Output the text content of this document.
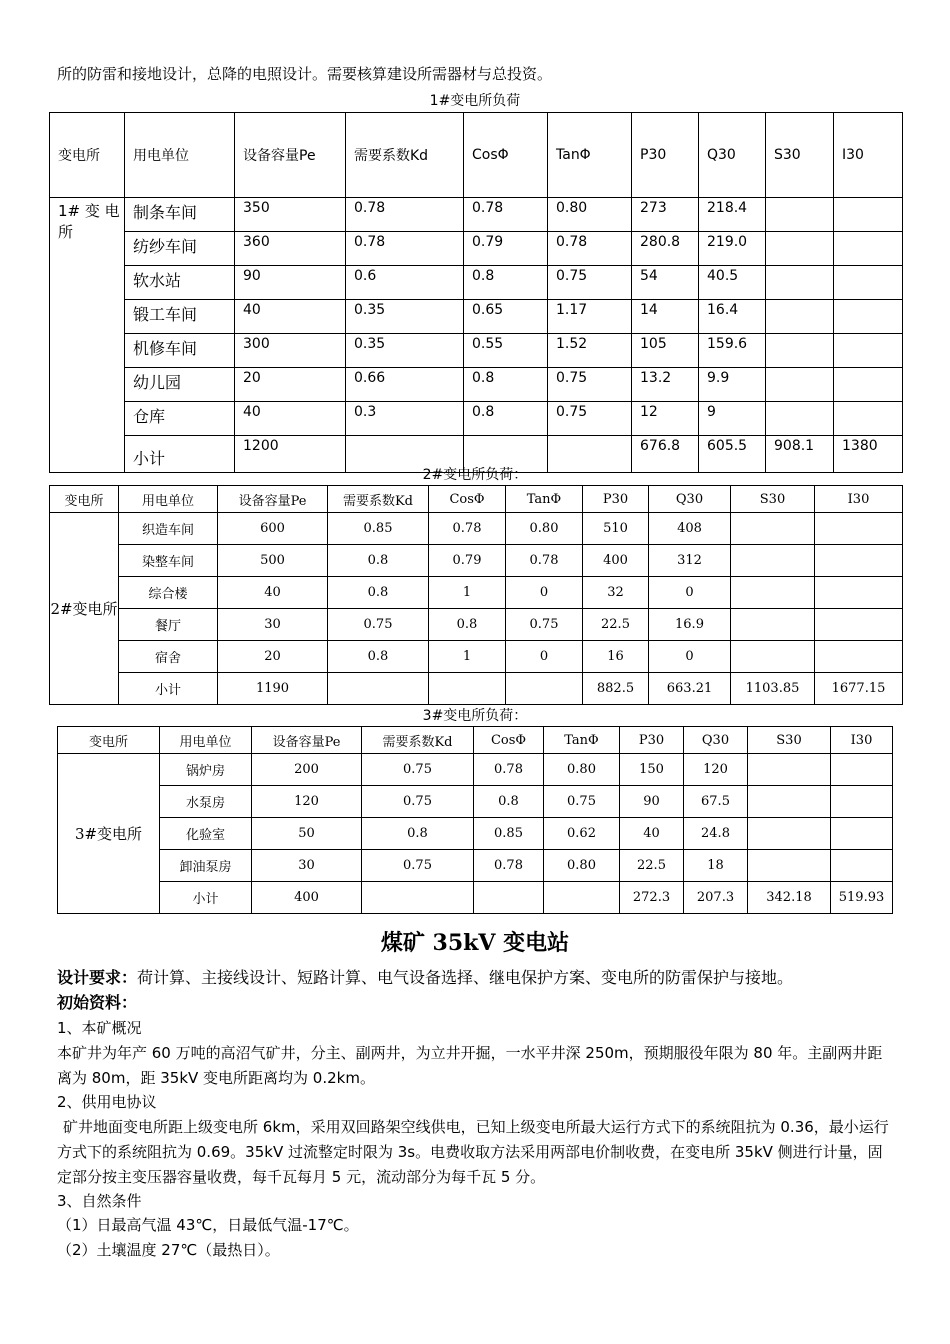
所的防雷和接地设计，总降的电照设计。需要核算建设所需器材与总投资。
1#变电所负荷
变电所	用电单位	设备容量Pe	需要系数Kd	CosΦ	TanΦ	P30	Q30	S30	I30
1# 变 电 所	制条车间	350	0.78	0.78	0.80	273	218.4		
	纺纱车间	360	0.78	0.79	0.78	280.8	219.0		
	软水站	90	0.6	0.8	0.75	54	40.5		
	锻工车间	40	0.35	0.65	1.17	14	16.4		
	机修车间	300	0.35	0.55	1.52	105	159.6		
	幼儿园	20	0.66	0.8	0.75	13.2	9.9		
	仓库	40	0.3	0.8	0.75	12	9		
	小计	1200				676.8	605.5	908.1	1380
2#变电所负荷：
变电所	用电单位	设备容量Pe	需要系数Kd	CosΦ	TanΦ	P30	Q30	S30	I30
2#变电所	织造车间	600	0.85	0.78	0.80	510	408		
	染整车间	500	0.8	0.79	0.78	400	312		
	综合楼	40	0.8	1	0	32	0		
	餐厅	30	0.75	0.8	0.75	22.5	16.9		
	宿舍	20	0.8	1	0	16	0		
	小计	1190				882.5	663.21	1103.85	1677.15
3#变电所负荷：
变电所	用电单位	设备容量Pe	需要系数Kd	CosΦ	TanΦ	P30	Q30	S30	I30
3#变电所	锅炉房	200	0.75	0.78	0.80	150	120		
	水泵房	120	0.75	0.8	0.75	90	67.5		
	化验室	50	0.8	0.85	0.62	40	24.8		
	卸油泵房	30	0.75	0.78	0.80	22.5	18		
	小计	400				272.3	207.3	342.18	519.93
煤矿 35kV 变电站
设计要求：荷计算、主接线设计、短路计算、电气设备选择、继电保护方案、变电所的防雷保护与接地。
初始资料：
1、本矿概况
本矿井为年产 60 万吨的高沼气矿井，分主、副两井，为立井开掘，一水平井深 250m，预期服役年限为 80 年。主副两井距离为 80m，距 35kV 变电所距离均为 0.2km。
2、供用电协议
矿井地面变电所距上级变电所 6km，采用双回路架空线供电，已知上级变电所最大运行方式下的系统阻抗为 0.36，最小运行方式下的系统阻抗为 0.69。35kV 过流整定时限为 3s。电费收取方法采用两部电价制收费，在变电所 35kV 侧进行计量，固定部分按主变压器容量收费，每千瓦每月 5 元，流动部分为每千瓦 5 分。
3、自然条件
（1）日最高气温 43℃，日最低气温-17℃。
（2）土壤温度 27℃（最热日）。
